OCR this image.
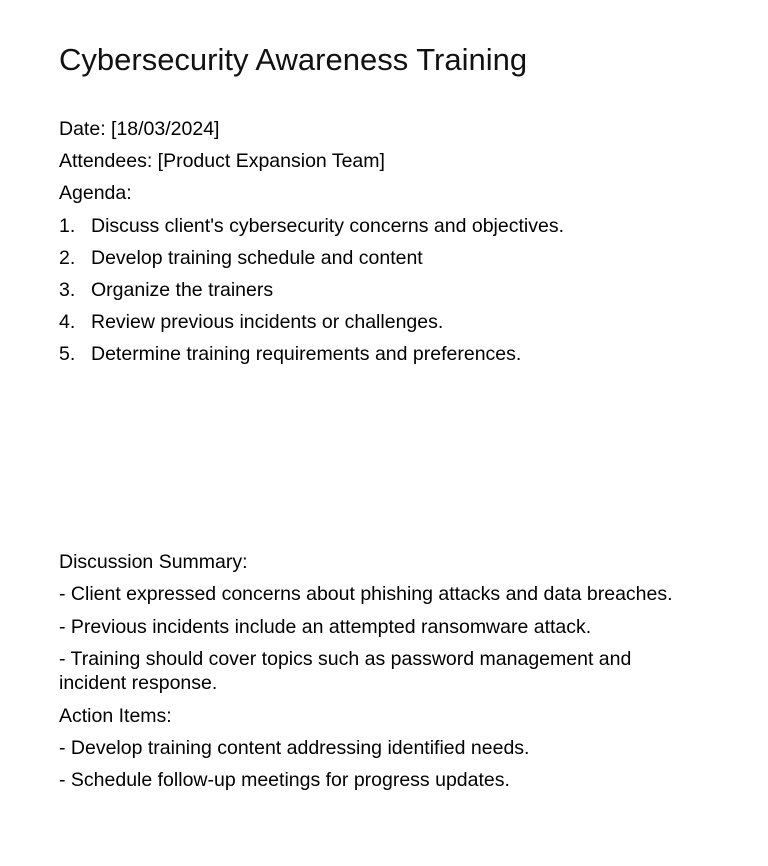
Cybersecurity Awareness Training
Date: [18/03/2024]
Attendees: [Product Expansion Team]
Agenda:
1. Discuss client's cybersecurity concerns and objectives.
2. Develop training schedule and content
3. Organize the trainers
4. Review previous incidents or challenges.
5. Determine training requirements and preferences.
Discussion Summary:
- Client expressed concerns about phishing attacks and data breaches.
- Previous incidents include an attempted ransomware attack.
- Training should cover topics such as password management and incident response.
Action Items:
- Develop training content addressing identified needs.
- Schedule follow-up meetings for progress updates.
